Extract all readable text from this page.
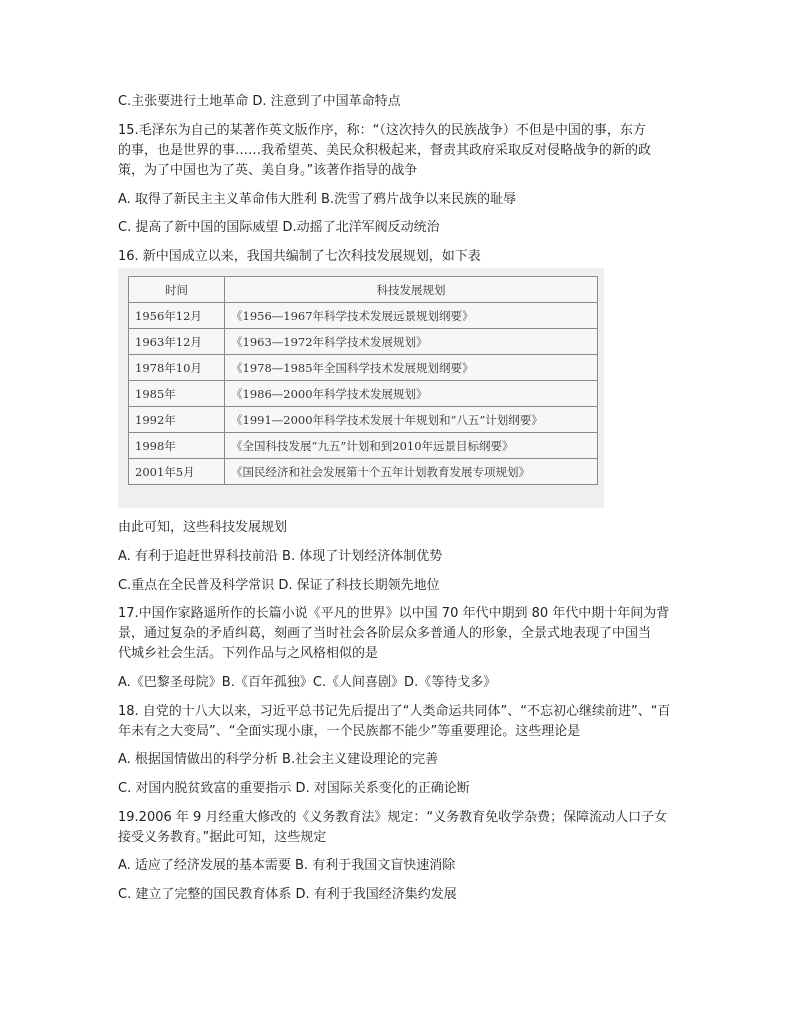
C.主张要进行土地革命 D. 注意到了中国革命特点
15.毛泽东为自己的某著作英文版作序，称：“（这次持久的民族战争）不但是中国的事，东方
的事，也是世界的事……我希望英、美民众积极起来，督责其政府采取反对侵略战争的新的政
策，为了中国也为了英、美自身。”该著作指导的战争
A. 取得了新民主主义革命伟大胜利 B.洗雪了鸦片战争以来民族的耻辱
C. 提高了新中国的国际威望 D.动摇了北洋军阀反动统治
16. 新中国成立以来，我国共编制了七次科技发展规划，如下表
时间	科技发展规划
1956年12月	《1956—1967年科学技术发展远景规划纲要》
1963年12月	《1963—1972年科学技术发展规划》
1978年10月	《1978—1985年全国科学技术发展规划纲要》
1985年	《1986—2000年科学技术发展规划》
1992年	《1991—2000年科学技术发展十年规划和“八五”计划纲要》
1998年	《全国科技发展“九五”计划和到2010年远景目标纲要》
2001年5月	《国民经济和社会发展第十个五年计划教育发展专项规划》
由此可知，这些科技发展规划
A. 有利于追赶世界科技前沿 B. 体现了计划经济体制优势
C.重点在全民普及科学常识 D. 保证了科技长期领先地位
17.中国作家路遥所作的长篇小说《平凡的世界》以中国 70 年代中期到 80 年代中期十年间为背
景，通过复杂的矛盾纠葛，刻画了当时社会各阶层众多普通人的形象，全景式地表现了中国当
代城乡社会生活。下列作品与之风格相似的是
A.《巴黎圣母院》B.《百年孤独》C.《人间喜剧》D.《等待戈多》
18. 自党的十八大以来，习近平总书记先后提出了“人类命运共同体”、“不忘初心继续前进”、“百
年未有之大变局”、“全面实现小康，一个民族都不能少”等重要理论。这些理论是
A. 根据国情做出的科学分析 B.社会主义建设理论的完善
C. 对国内脱贫致富的重要指示 D. 对国际关系变化的正确论断
19.2006 年 9 月经重大修改的《义务教育法》规定：“义务教育免收学杂费；保障流动人口子女
接受义务教育。”据此可知，这些规定
A. 适应了经济发展的基本需要 B. 有利于我国文盲快速消除
C. 建立了完整的国民教育体系 D. 有利于我国经济集约发展
